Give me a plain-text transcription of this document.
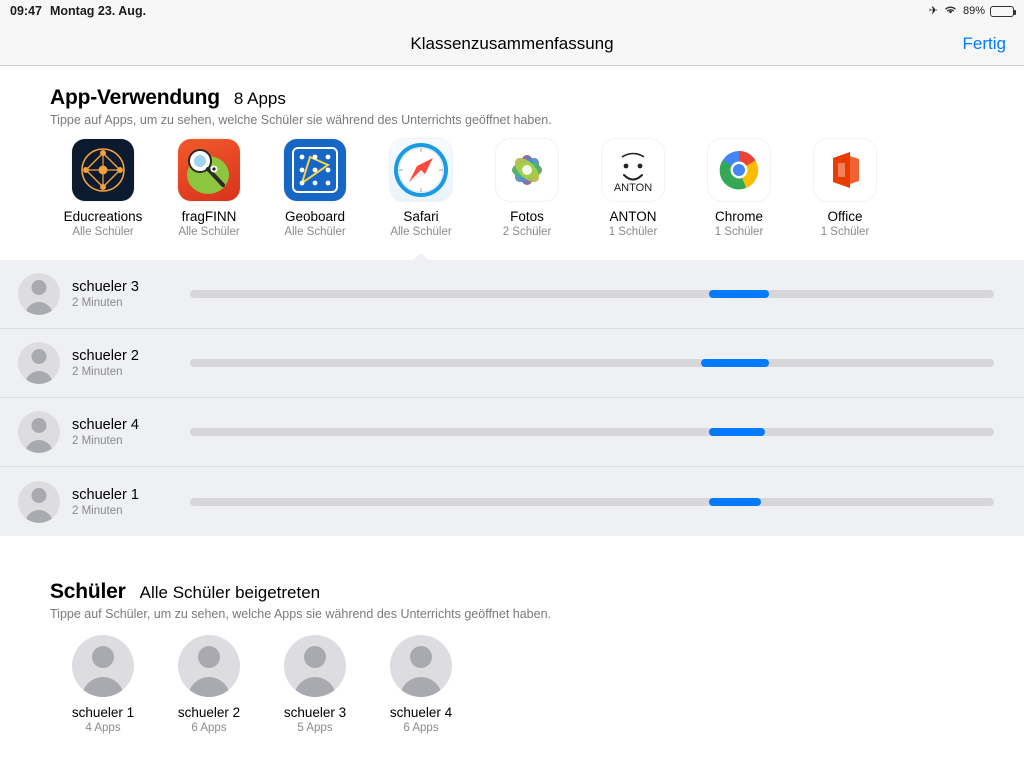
09:47 Montag 23. Aug.	✈ 89%
Klassenzusammenfassung	Fertig
App-Verwendung 8 Apps
Tippe auf Apps, um zu sehen, welche Schüler sie während des Unterrichts geöffnet haben.
Educreations
Alle Schüler
fragFINN
Alle Schüler
Geoboard
Alle Schüler
Safari
Alle Schüler
Fotos
2 Schüler
ANTON
ANTON
1 Schüler
Chrome
1 Schüler
Office
1 Schüler
schueler 3
2 Minuten
schueler 2
2 Minuten
schueler 4
2 Minuten
schueler 1
2 Minuten
Schüler Alle Schüler beigetreten
Tippe auf Schüler, um zu sehen, welche Apps sie während des Unterrichts geöffnet haben.
schueler 1
4 Apps
schueler 2
6 Apps
schueler 3
5 Apps
schueler 4
6 Apps
